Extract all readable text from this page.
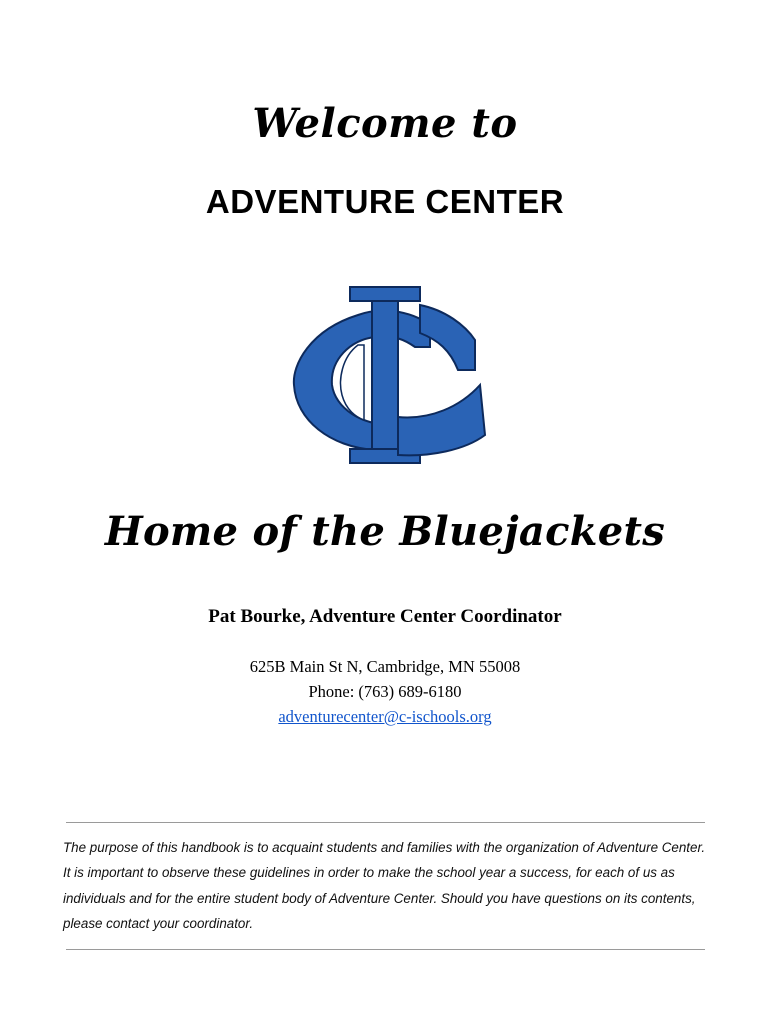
Welcome to
ADVENTURE CENTER
Home of the Bluejackets
Pat Bourke, Adventure Center Coordinator
625B Main St N, Cambridge, MN 55008
Phone: (763) 689-6180
adventurecenter@c-ischools.org
The purpose of this handbook is to acquaint students and families with the organization of Adventure Center. It is important to observe these guidelines in order to make the school year a success, for each of us as individuals and for the entire student body of Adventure Center. Should you have questions on its contents, please contact your coordinator.
